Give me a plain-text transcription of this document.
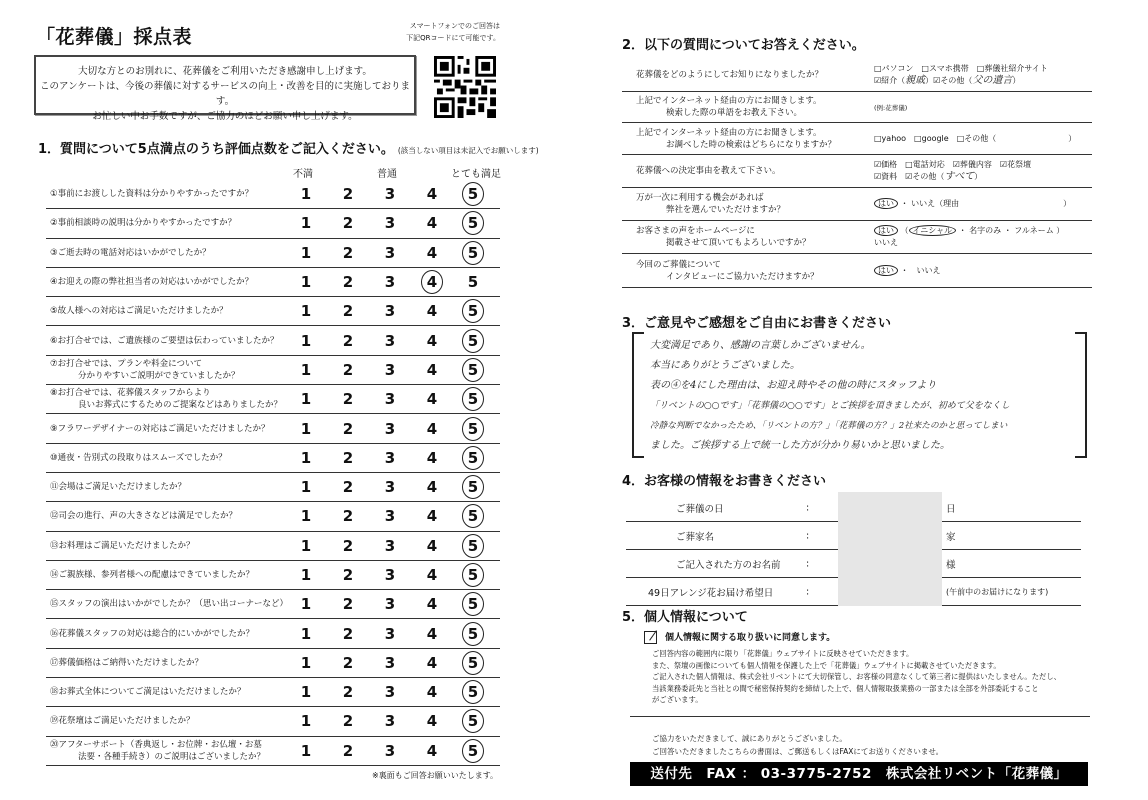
「花葬儀」採点表	スマートフォンでのご回答は
下記QRコードにて可能です。
大切な方とのお別れに、花葬儀をご利用いただき感謝申し上げます。
このアンケートは、今後の葬儀に対するサービスの向上・改善を目的に実施しております。
お忙しい中お手数ですが、ご協力のほどお願い申し上げます。
1．質問について5点満点のうち評価点数をご記入ください。 (該当しない項目は未記入でお願いします)
不満	普通	とても満足
①事前にお渡しした資料は分かりやすかったですか？	1	2	3	4	5
②事前相談時の説明は分かりやすかったですか？	1	2	3	4	5
③ご逝去時の電話対応はいかがでしたか？	1	2	3	4	5
④お迎えの際の弊社担当者の対応はいかがでしたか？	1	2	3	4	5
⑤故人様への対応はご満足いただけましたか？	1	2	3	4	5
⑥お打合せでは、ご遺族様のご要望は伝わっていましたか？	1	2	3	4	5
⑦お打合せでは、プランや料金について
分かりやすいご説明ができていましたか？	1	2	3	4	5
⑧お打合せでは、花葬儀スタッフからより
良いお葬式にするためのご提案などはありましたか？	1	2	3	4	5
⑨フラワーデザイナーの対応はご満足いただけましたか？	1	2	3	4	5
⑩通夜・告別式の段取りはスムーズでしたか？	1	2	3	4	5
⑪会場はご満足いただけましたか？	1	2	3	4	5
⑫司会の進行、声の大きさなどは満足でしたか？	1	2	3	4	5
⑬お料理はご満足いただけましたか？	1	2	3	4	5
⑭ご親族様、参列者様への配慮はできていましたか？	1	2	3	4	5
⑮スタッフの演出はいかがでしたか？（思い出コーナーなど） 1	2	3	4	5
⑯花葬儀スタッフの対応は総合的にいかがでしたか？	1	2	3	4	5
⑰葬儀価格はご納得いただけましたか？	1	2	3	4	5
⑱お葬式全体についてご満足はいただけましたか？	1	2	3	4	5
⑲花祭壇はご満足いただけましたか？	1	2	3	4	5
⑳アフターサポート（香典返し・お位牌・お仏壇・お墓
法要・各種手続き）のご説明はございましたか？	1	2	3	4	5
※裏面もご回答お願いいたします。
2．以下の質問についてお答えください。
花葬儀をどのようにしてお知りになりましたか？
□パソコン　□スマホ携帯　□葬儀社紹介サイト
☑紹介（親戚）☑その他（父の遺言）
上記でインターネット経由の方にお聞きします。
検索した際の単語をお教え下さい。	(例:花葬儀)
上記でインターネット経由の方にお聞きします。
お調べした時の検索はどちらになりますか？
□yahoo　□google　□その他（　　　　　　　　　）
花葬儀への決定事由を教えて下さい。
☑価格　□電話対応　☑葬儀内容　☑花祭壇
☑資料　☑その他（すべて）
万が一次に利用する機会があれば
弊社を選んでいただけますか？
はい ・ いいえ（理由　　　　　　　　　　　　　）
お客さまの声をホームページに
掲載させて頂いてもよろしいですか？
はい （ イニシャル ・ 名字のみ ・ フルネーム ）
いいえ
今回のご葬儀について
インタビューにご協力いただけますか？
はい ・　いいえ
3．ご意見やご感想をご自由にお書きください
大変満足であり、感謝の言葉しかございません。
本当にありがとうございました。
表の④を4にした理由は、お迎え時やその他の時にスタッフより
「リベントの○○です」「花葬儀の○○です」とご挨拶を頂きましたが、初めて父をなくし
冷静な判断でなかったため、「リベントの方？」「花葬儀の方？」2社来たのかと思ってしまい
ました。ご挨拶する上で統一した方が分かり易いかと思いました。
4．お客様の情報をお書きください
ご葬儀の日	:	日
ご葬家名	:	家
ご記入された方のお名前	:	様
49日アレンジ花お届け希望日	:	(午前中のお届けになります)
5．個人情報について
個人情報に関する取り扱いに同意します。
ご回答内容の範囲内に限り「花葬儀」ウェブサイトに反映させていただきます。
また、祭壇の画像についても個人情報を保護した上で「花葬儀」ウェブサイトに掲載させていただきます。
ご記入された個人情報は、株式会社リベントにて大切保管し、お客様の同意なくして第三者に提供はいたしません。ただし、
当該業務委託先と当社との間で秘密保持契約を締結した上で、個人情報取扱業務の一部または全部を外部委託すること
がございます。
ご協力をいただきまして、誠にありがとうございました。
ご回答いただきましたこちらの書面は、ご郵送もしくはFAXにてお送りくださいませ。
送付先　FAX ： 03-3775-2752　株式会社リベント「花葬儀」
